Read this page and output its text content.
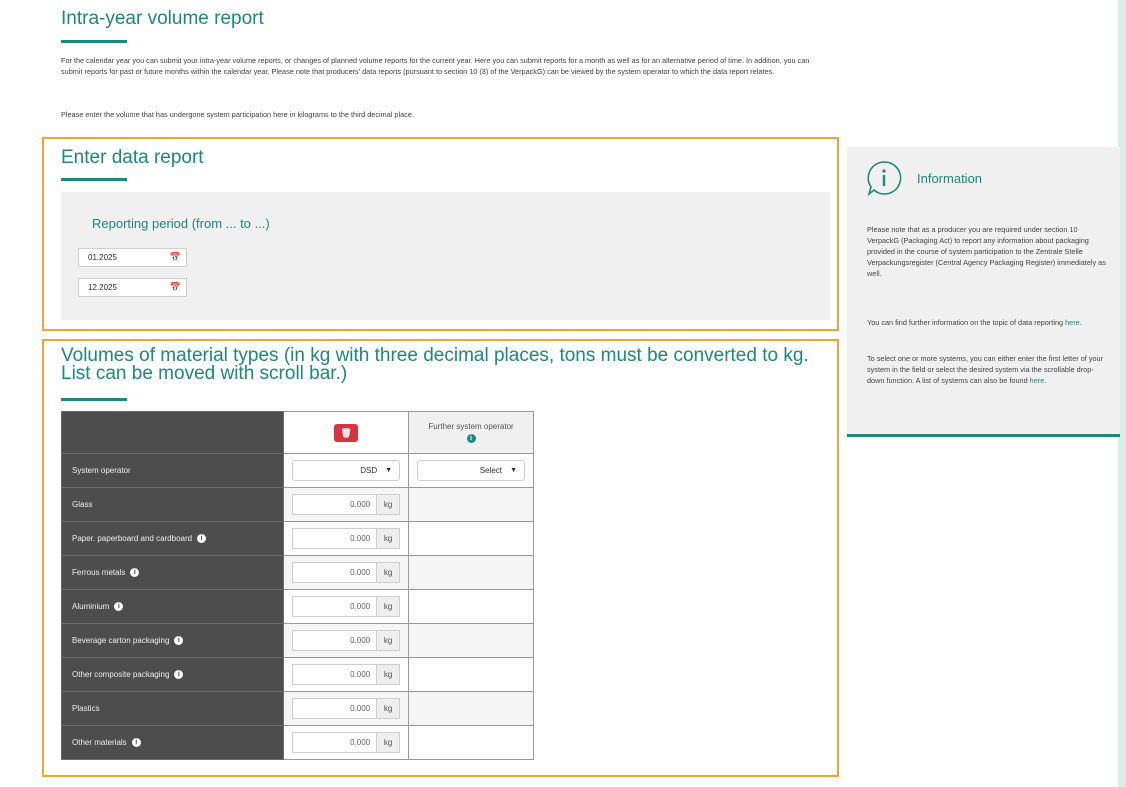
Intra-year volume report

For the calendar year you can submit your intra-year volume reports, or changes of planned volume reports for the current year. Here you can submit reports for a month as well as for an alternative period of time. In addition, you can submit reports for past or future months within the calendar year. Please note that producers' data reports (pursuant to section 10 (3) of the VerpackG) can be viewed by the system operator to which the data report relates.

Please enter the volume that has undergone system participation here in kilograms to the third decimal place.

Enter data report
Reporting period (from ... to ...)
01.2025	📅
12.2025	📅
Volumes of material types (in kg with three decimal places, tons must be converted to kg. List can be moved with scroll bar.)

	🗑	Further system operator
i
System operator	DSD ▼	Select ▼

Glass	0.000 kg	

Paper. paperboard and cardboard i	0.000 kg	

Ferrous metals i	0.000 kg	

Aluminium i	0.000 kg	

Beverage carton packaging i	0.000 kg	

Other composite packaging i	0.000 kg	

Plastics	0.000 kg	

Other materials i	0.000 kg	

Information

Please note that as a producer you are required under section 10 VerpackG (Packaging Act) to report any information about packaging provided in the course of system participation to the Zentrale Stelle Verpackungsregister (Central Agency Packaging Register) immediately as well.

You can find further information on the topic of data reporting here.

To select one or more systems, you can either enter the first letter of your system in the field or select the desired system via the scrollable drop-down function. A list of systems can also be found here.
